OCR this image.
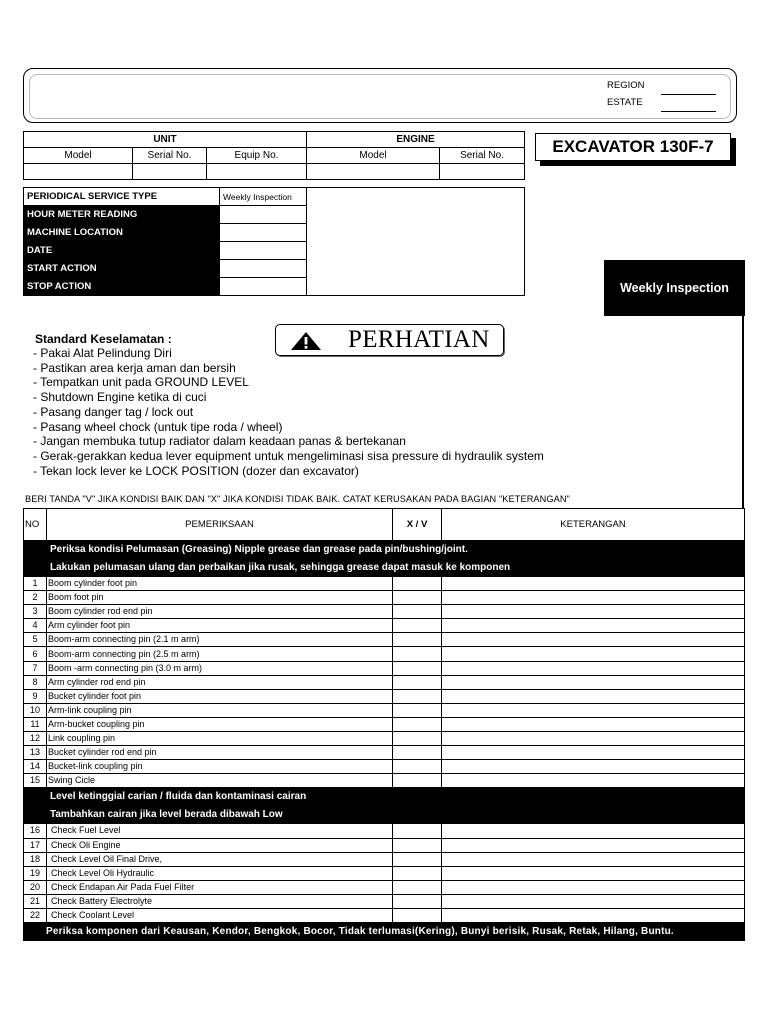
REGION
ESTATE
UNIT			ENGINE	
Model	Serial No.	Equip No.	Model	Serial No.
					EXCAVATOR 130F-7
PERIODICAL SERVICE TYPE	Weekly Inspection	
HOUR METER READING		
MACHINE LOCATION		
DATE		
START ACTION		
STOP ACTION			Weekly Inspection
PERHATIAN
Standard Keselamatan :
- Pakai Alat Pelindung Diri
- Pastikan area kerja aman dan bersih
- Tempatkan unit pada GROUND LEVEL
- Shutdown Engine ketika di cuci
- Pasang danger tag / lock out
- Pasang wheel chock (untuk tipe roda / wheel)
- Jangan membuka tutup radiator dalam keadaan panas & bertekanan
- Gerak-gerakkan kedua lever equipment untuk mengeliminasi sisa pressure di hydraulik system
- Tekan lock lever ke LOCK POSITION (dozer dan excavator)
BERI TANDA "V" JIKA KONDISI BAIK DAN "X" JIKA KONDISI TIDAK BAIK. CATAT KERUSAKAN PADA BAGIAN "KETERANGAN"
NO	PEMERIKSAAN	X / V	KETERANGAN
Periksa kondisi Pelumasan (Greasing) Nipple grease dan grease pada pin/bushing/joint.			
Lakukan pelumasan ulang dan perbaikan jika rusak, sehingga grease dapat masuk ke komponen			
1	Boom cylinder foot pin		
2	Boom foot pin		
3	Boom cylinder rod end pin		
4	Arm cylinder foot pin		
5	Boom-arm connecting pin (2.1 m arm)		
6	Boom-arm connecting pin (2.5 m arm)		
7	Boom -arm connecting pin (3.0 m arm)		
8	Arm cylinder rod end pin		
9	Bucket cylinder foot pin		
10	Arm-link coupling pin		
11	Arm-bucket coupling pin		
12	Link coupling pin		
13	Bucket cylinder rod end pin		
14	Bucket-link coupling pin		
15	Swing Cicle		
Level ketinggial carian / fluida dan kontaminasi cairan			
Tambahkan cairan jika level berada dibawah Low			
16	Check Fuel Level		
17	Check Oli Engine		
18	Check Level Oil Final Drive,		
19	Check Level Oli Hydraulic		
20	Check Endapan Air Pada Fuel Filter		
21	Check Battery Electrolyte		
22	Check Coolant Level		
Periksa komponen dari Keausan, Kendor, Bengkok, Bocor, Tidak terlumasi(Kering), Bunyi berisik, Rusak, Retak, Hilang, Buntu.			
